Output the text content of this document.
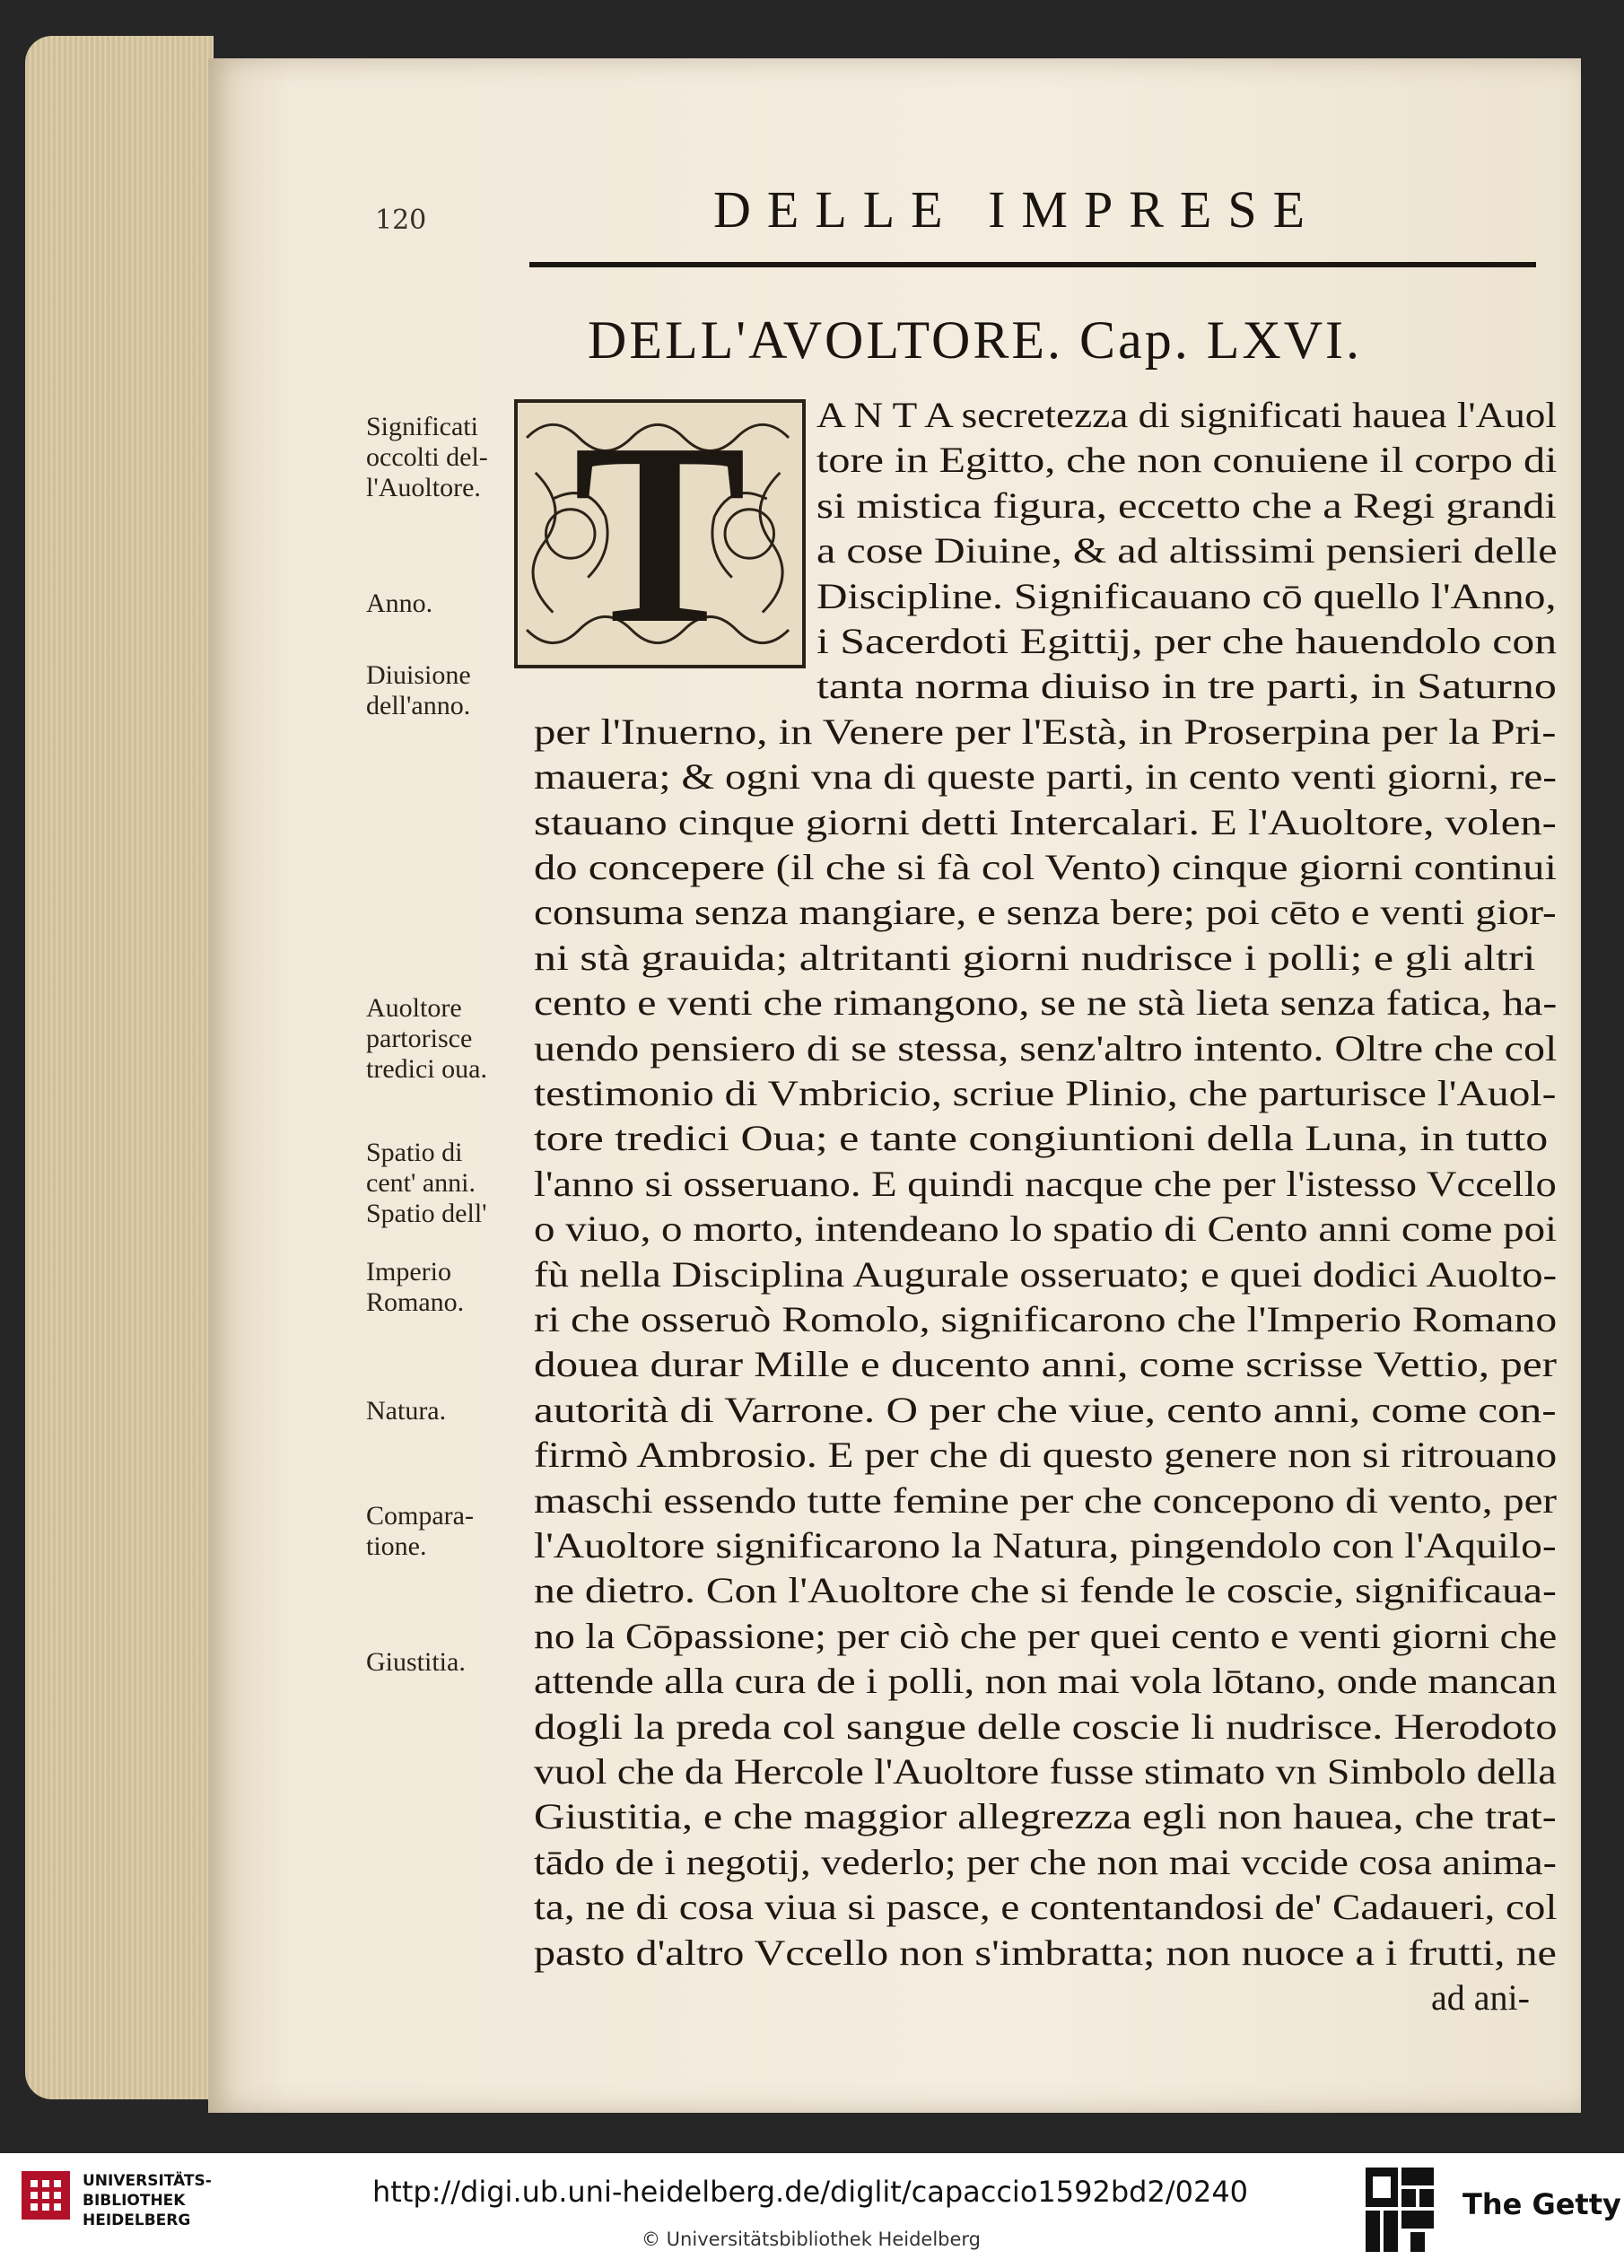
120	DELLE IMPRESE
DELL'AVOLTORE. Cap. LXVI.
T	A N T A secretezza di significati hauea l'Auol
tore in Egitto, che non conuiene il corpo di
si mistica figura, eccetto che a Regi grandi
a cose Diuine, & ad altissimi pensieri delle
Discipline. Significauano cō quello l'Anno,
i Sacerdoti Egittij, per che hauendolo con
tanta norma diuiso in tre parti, in Saturno
per l'Inuerno, in Venere per l'Està, in Proserpina per la Pri-
mauera; & ogni vna di queste parti, in cento venti giorni, re-
stauano cinque giorni detti Intercalari. E l'Auoltore, volen-
do concepere (il che si fà col Vento) cinque giorni continui
consuma senza mangiare, e senza bere; poi cēto e venti gior-
ni stà grauida; altritanti giorni nudrisce i polli; e gli altri
cento e venti che rimangono, se ne stà lieta senza fatica, ha-
uendo pensiero di se stessa, senz'altro intento. Oltre che col
testimonio di Vmbricio, scriue Plinio, che parturisce l'Auol-
tore tredici Oua; e tante congiuntioni della Luna, in tutto
l'anno si osseruano. E quindi nacque che per l'istesso Vccello
o viuo, o morto, intendeano lo spatio di Cento anni come poi
fù nella Disciplina Augurale osseruato; e quei dodici Auolto-
ri che osseruò Romolo, significarono che l'Imperio Romano
douea durar Mille e ducento anni, come scrisse Vettio, per
autorità di Varrone. O per che viue, cento anni, come con-
firmò Ambrosio. E per che di questo genere non si ritrouano
maschi essendo tutte femine per che concepono di vento, per
l'Auoltore significarono la Natura, pingendolo con l'Aquilo-
ne dietro. Con l'Auoltore che si fende le coscie, significaua-
no la Cōpassione; per ciò che per quei cento e venti giorni che
attende alla cura de i polli, non mai vola lōtano, onde mancan
dogli la preda col sangue delle coscie li nudrisce. Herodoto
vuol che da Hercole l'Auoltore fusse stimato vn Simbolo della
Giustitia, e che maggior allegrezza egli non hauea, che trat-
tādo de i negotij, vederlo; per che non mai vccide cosa anima-
ta, ne di cosa viua si pasce, e contentandosi de' Cadaueri, col
pasto d'altro Vccello non s'imbratta; non nuoce a i frutti, ne
ad ani-
Significati
occolti del-
l'Auoltore.
Anno.
Diuisione
dell'anno.
Auoltore
partorisce
tredici oua.
Spatio di
cent' anni.
Spatio dell'
Imperio
Romano.
Natura.
Compara-
tione.
Giustitia.
UNIVERSITÄTS-
BIBLIOTHEK
HEIDELBERG
http://digi.ub.uni-heidelberg.de/diglit/capaccio1592bd2/0240
© Universitätsbibliothek Heidelberg
The Getty
